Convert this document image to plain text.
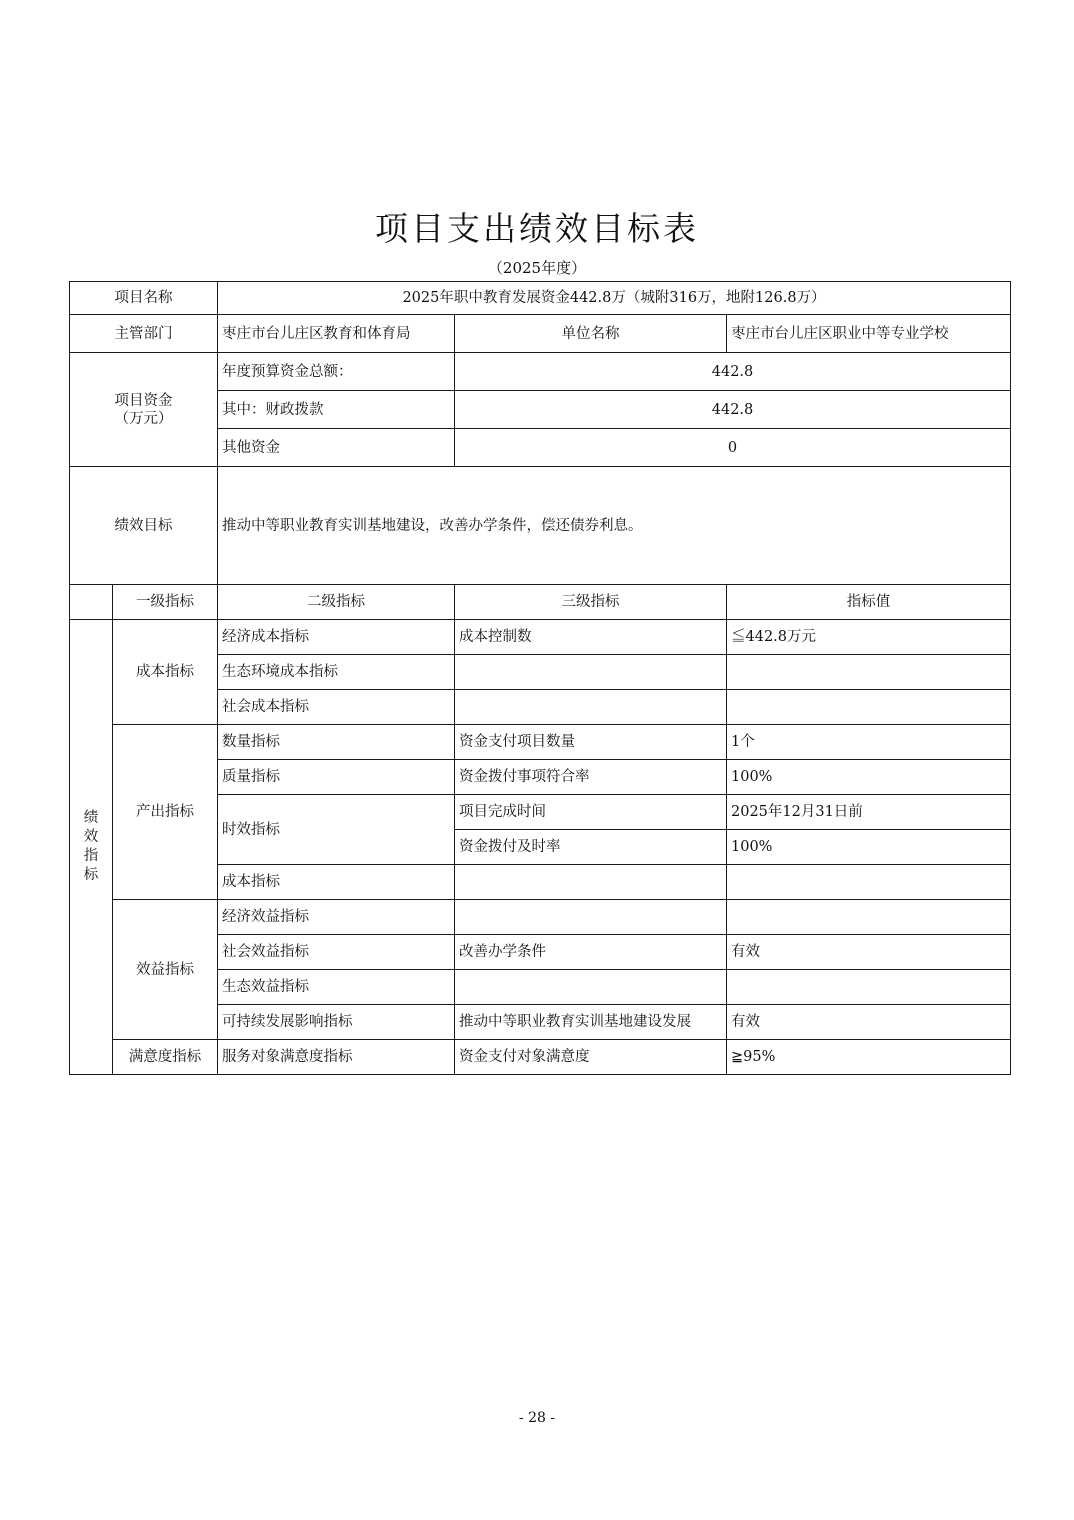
项目支出绩效目标表
（2025年度）
项目名称		2025年职中教育发展资金442.8万（城附316万，地附126.8万）		
主管部门		枣庄市台儿庄区教育和体育局	单位名称	枣庄市台儿庄区职业中等专业学校

项目资金
（万元）		年度预算资金总额：	442.8	
		其中：财政拨款	442.8	
		其他资金	0	
绩效目标		推动中等职业教育实训基地建设，改善办学条件，偿还债券利息。		
	一级指标	二级指标	三级指标	指标值
绩效指标	成本指标	经济成本指标	成本控制数	≦442.8万元
		生态环境成本指标		
		社会成本指标		
	产出指标	数量指标	资金支付项目数量	1个
		质量指标	资金拨付事项符合率	100%
		时效指标	项目完成时间	2025年12月31日前
			资金拨付及时率	100%
		成本指标		
	效益指标	经济效益指标		
		社会效益指标	改善办学条件	有效
		生态效益指标		
		可持续发展影响指标	推动中等职业教育实训基地建设发展	有效
	满意度指标	服务对象满意度指标	资金支付对象满意度	≧95%
- 28 -
